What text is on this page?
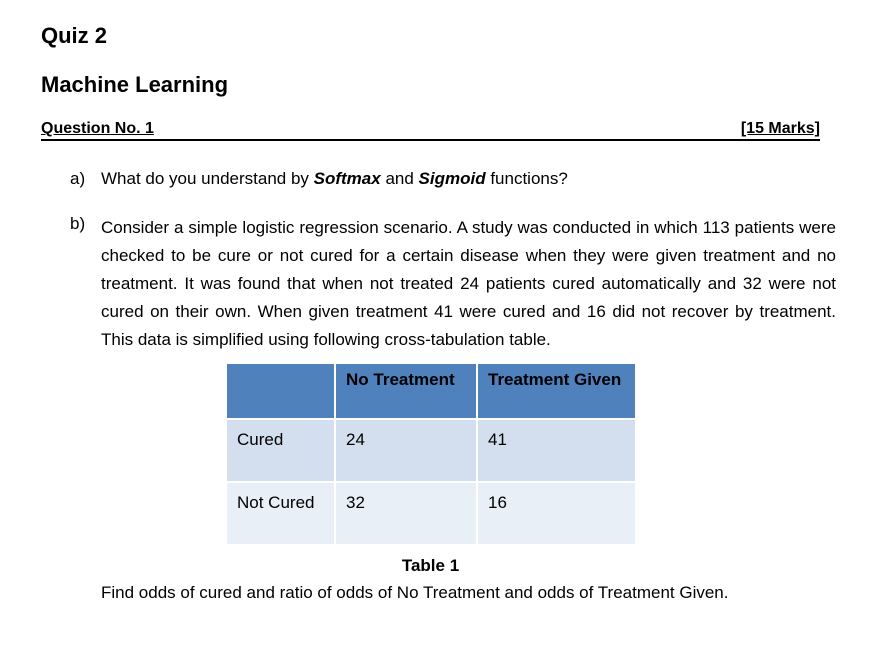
Quiz 2
Machine Learning
Question No. 1	[15 Marks]
a) What do you understand by Softmax and Sigmoid functions?
b) Consider a simple logistic regression scenario. A study was conducted in which 113 patients were checked to be cure or not cured for a certain disease when they were given treatment and no treatment. It was found that when not treated 24 patients cured automatically and 32 were not cured on their own. When given treatment 41 were cured and 16 did not recover by treatment. This data is simplified using following cross-tabulation table.
	No Treatment	Treatment Given
Cured	24	41
Not Cured	32	16
Table 1
Find odds of cured and ratio of odds of No Treatment and odds of Treatment Given.
